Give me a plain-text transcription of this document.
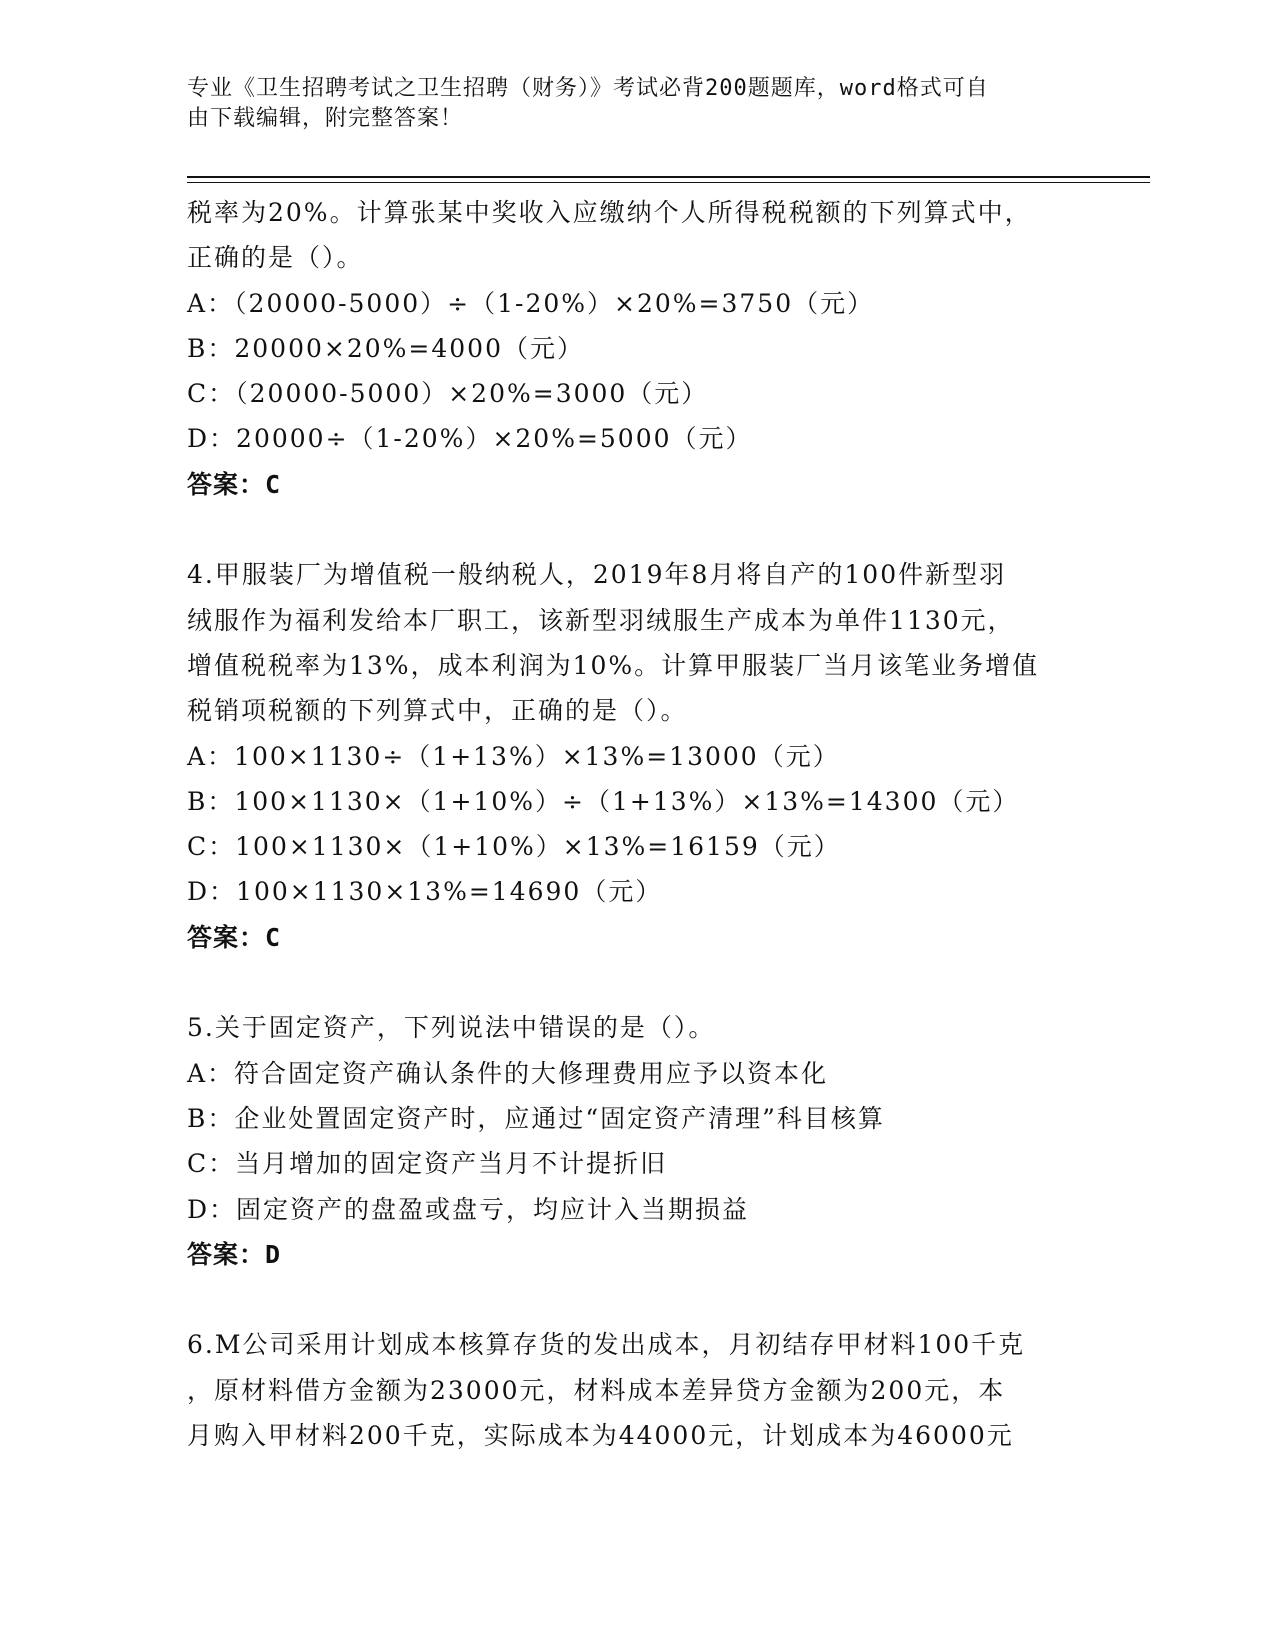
专业《卫生招聘考试之卫生招聘（财务）》考试必背200题题库，word格式可自
由下载编辑，附完整答案！
税率为20%。计算张某中奖收入应缴纳个人所得税税额的下列算式中，
正确的是（）。
A：（20000-5000）÷（1-20%）×20%=3750（元）
B：20000×20%=4000（元）
C：（20000-5000）×20%=3000（元）
D：20000÷（1-20%）×20%=5000（元）
答案：C
4.甲服装厂为增值税一般纳税人，2019年8月将自产的100件新型羽
绒服作为福利发给本厂职工，该新型羽绒服生产成本为单件1130元，
增值税税率为13%，成本利润为10%。计算甲服装厂当月该笔业务增值
税销项税额的下列算式中，正确的是（）。
A：100×1130÷（1+13%）×13%=13000（元）
B：100×1130×（1+10%）÷（1+13%）×13%=14300（元）
C：100×1130×（1+10%）×13%=16159（元）
D：100×1130×13%=14690（元）
答案：C
5.关于固定资产，下列说法中错误的是（）。
A：符合固定资产确认条件的大修理费用应予以资本化
B：企业处置固定资产时，应通过“固定资产清理”科目核算
C：当月增加的固定资产当月不计提折旧
D：固定资产的盘盈或盘亏，均应计入当期损益
答案：D
6.M公司采用计划成本核算存货的发出成本，月初结存甲材料100千克
，原材料借方金额为23000元，材料成本差异贷方金额为200元，本
月购入甲材料200千克，实际成本为44000元，计划成本为46000元
